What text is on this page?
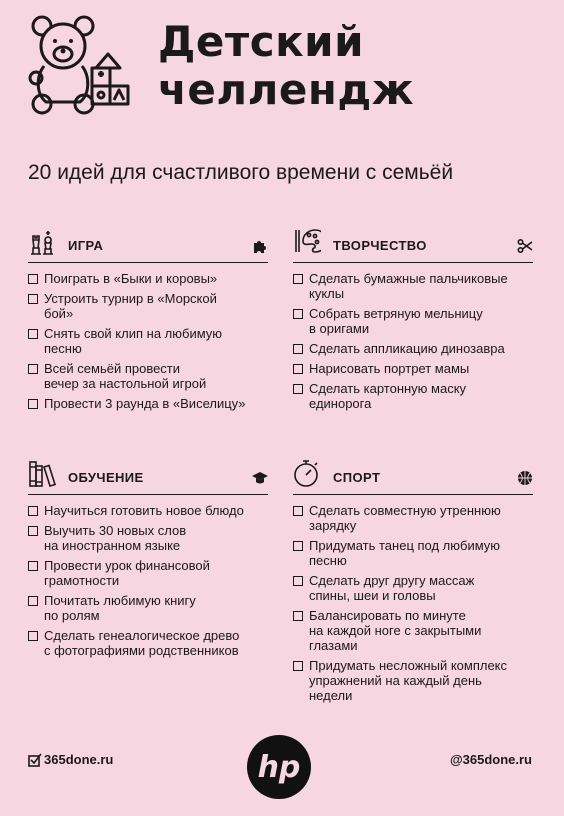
Детский
челлендж
20 идей для счастливого времени с семьёй
ИГРА
Поиграть в «Быки и коровы»
Устроить турнир в «Морской
бой»
Снять свой клип на любимую
песню
Всей семьёй провести
вечер за настольной игрой
Провести 3 раунда в «Виселицу»
ТВОРЧЕСТВО
Сделать бумажные пальчиковые
куклы
Собрать ветряную мельницу
в оригами
Сделать аппликацию динозавра
Нарисовать портрет мамы
Сделать картонную маску
единорога
ОБУЧЕНИЕ
Научиться готовить новое блюдо
Выучить 30 новых слов
на иностранном языке
Провести урок финансовой
грамотности
Почитать любимую книгу
по ролям
Сделать генеалогическое древо
с фотографиями родственников
СПОРТ
Сделать совместную утреннюю
зарядку
Придумать танец под любимую
песню
Сделать друг другу массаж
спины, шеи и головы
Балансировать по минуте
на каждой ноге с закрытыми
глазами
Придумать несложный комплекс
упражнений на каждый день
недели
365done.ru	hp	@365done.ru
